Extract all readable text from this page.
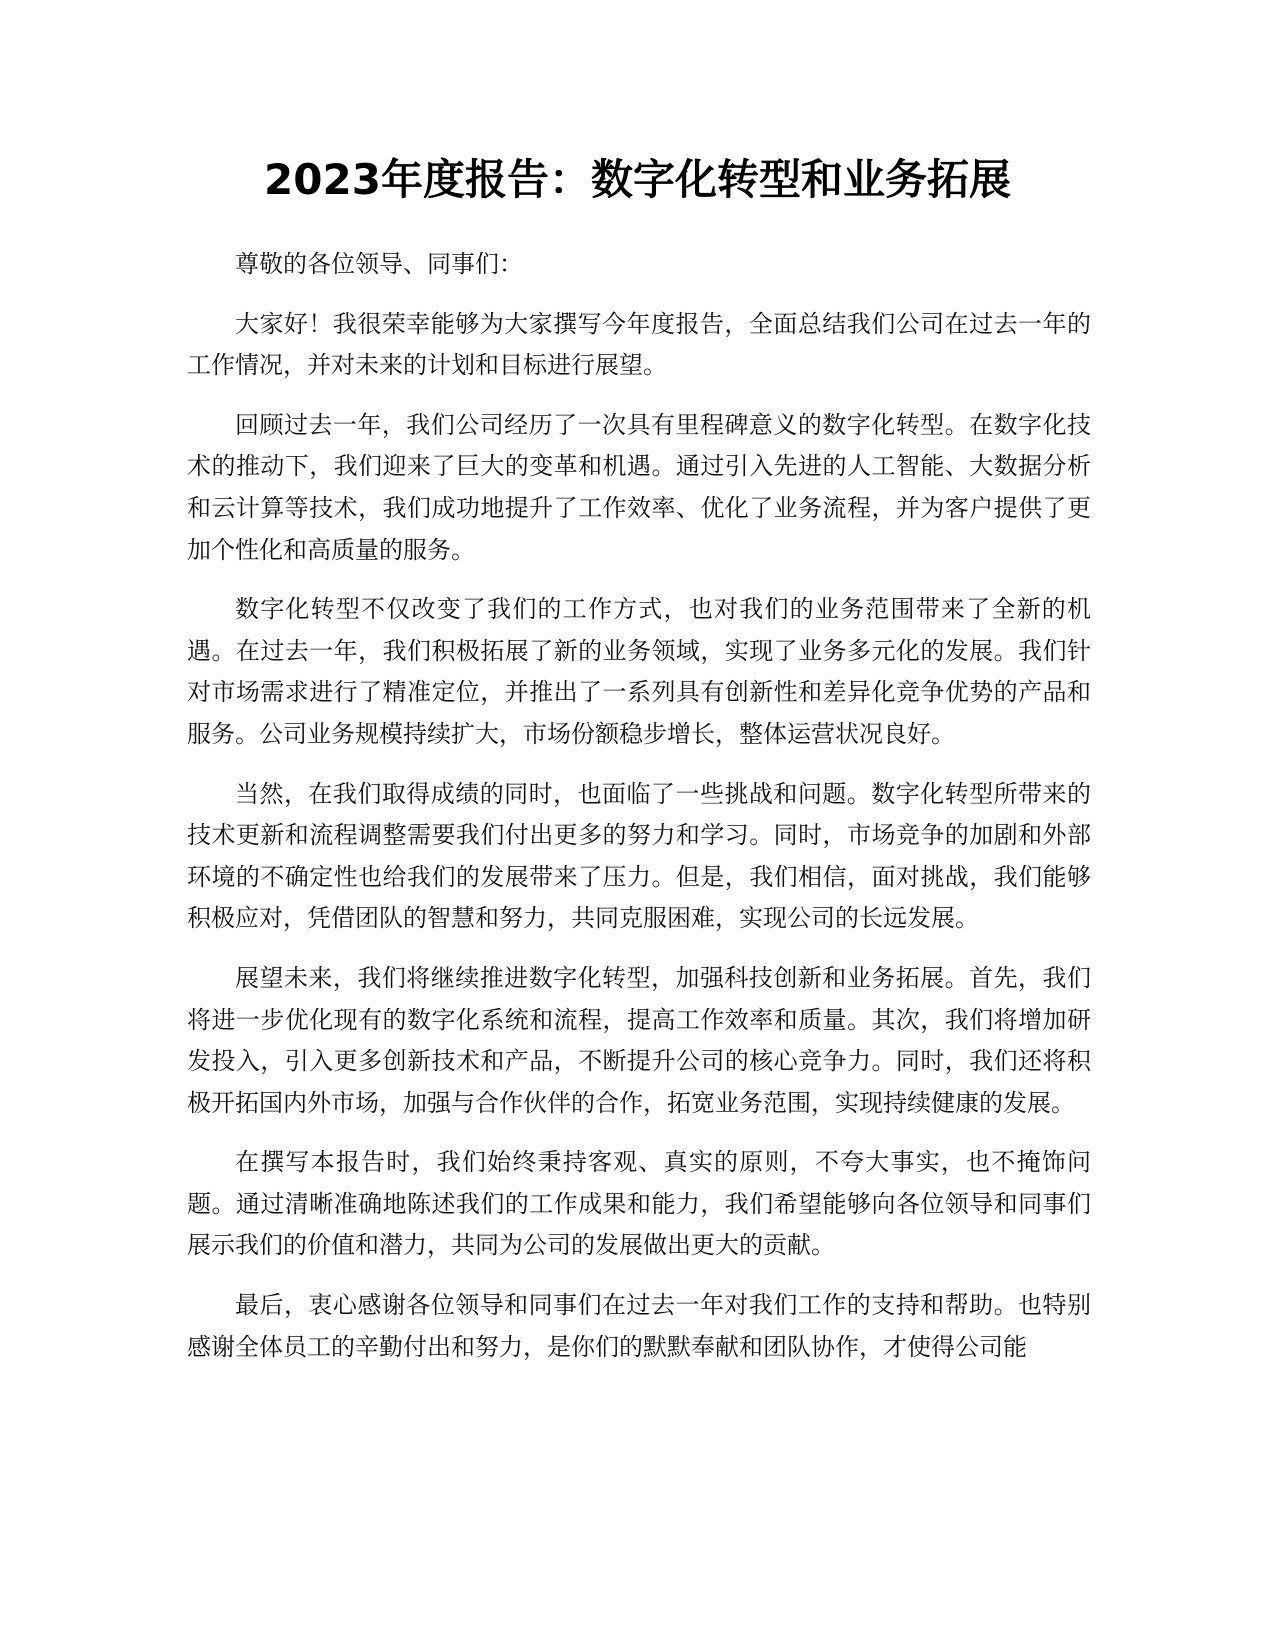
2023年度报告：数字化转型和业务拓展

尊敬的各位领导、同事们：

大家好！我很荣幸能够为大家撰写今年度报告，全面总结我们公司在过去一年的工作情况，并对未来的计划和目标进行展望。

回顾过去一年，我们公司经历了一次具有里程碑意义的数字化转型。在数字化技术的推动下，我们迎来了巨大的变革和机遇。通过引入先进的人工智能、大数据分析和云计算等技术，我们成功地提升了工作效率、优化了业务流程，并为客户提供了更加个性化和高质量的服务。

数字化转型不仅改变了我们的工作方式，也对我们的业务范围带来了全新的机遇。在过去一年，我们积极拓展了新的业务领域，实现了业务多元化的发展。我们针对市场需求进行了精准定位，并推出了一系列具有创新性和差异化竞争优势的产品和服务。公司业务规模持续扩大，市场份额稳步增长，整体运营状况良好。

当然，在我们取得成绩的同时，也面临了一些挑战和问题。数字化转型所带来的技术更新和流程调整需要我们付出更多的努力和学习。同时，市场竞争的加剧和外部环境的不确定性也给我们的发展带来了压力。但是，我们相信，面对挑战，我们能够积极应对，凭借团队的智慧和努力，共同克服困难，实现公司的长远发展。

展望未来，我们将继续推进数字化转型，加强科技创新和业务拓展。首先，我们将进一步优化现有的数字化系统和流程，提高工作效率和质量。其次，我们将增加研发投入，引入更多创新技术和产品，不断提升公司的核心竞争力。同时，我们还将积极开拓国内外市场，加强与合作伙伴的合作，拓宽业务范围，实现持续健康的发展。

在撰写本报告时，我们始终秉持客观、真实的原则，不夸大事实，也不掩饰问题。通过清晰准确地陈述我们的工作成果和能力，我们希望能够向各位领导和同事们展示我们的价值和潜力，共同为公司的发展做出更大的贡献。

最后，衷心感谢各位领导和同事们在过去一年对我们工作的支持和帮助。也特别感谢全体员工的辛勤付出和努力，是你们的默默奉献和团队协作，才使得公司能
